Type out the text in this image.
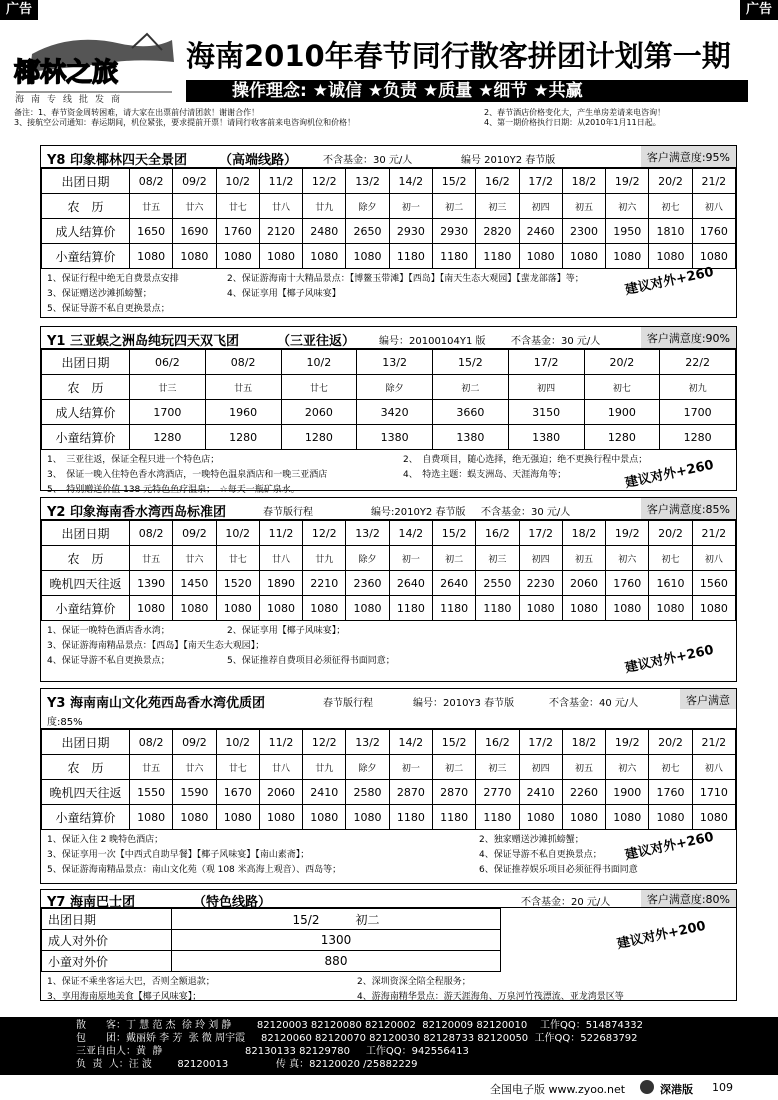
广告	广告
椰林之旅
海南专线批发商
海南2010年春节同行散客拼团计划第一期
操作理念: ★诚信 ★负责 ★质量 ★细节 ★共赢
备注：1、春节资金周转困难，请大家在出票前付清团款！谢谢合作！	2、春节酒店价格变化大，产生单房差请来电咨询！
3、接航空公司通知：春运期间，机位紧张，要求提前开票！请同行收客前来电咨询机位和价格！	4、第一期价格执行日期：从2010年1月11日起。
Y8 印象椰林四天全景团 （高端线路）	不含基金：30 元/人	编号 2010Y2 春节版	客户满意度:95%
出团日期	08/2	09/2	10/2	11/2	12/2	13/2	14/2	15/2	16/2	17/2	18/2	19/2	20/2	21/2
农　历	廿五	廿六	廿七	廿八	廿九	除夕	初一	初二	初三	初四	初五	初六	初七	初八
成人结算价	1650	1690	1760	2120	2480	2650	2930	2930	2820	2460	2300	1950	1810	1760
小童结算价	1080	1080	1080	1080	1080	1080	1180	1180	1180	1080	1080	1080	1080	1080
1、保证行程中绝无自费景点安排	2、保证游海南十大精品景点：【博鳌玉带滩】【西岛】【南天生态大观园】【蜚龙部落】等；
3、保证赠送沙滩抓螃蟹；	4、保证享用【椰子风味宴】
5、保证导游不私自更换景点；
建议对外+260
Y1 三亚蜈之洲岛纯玩四天双飞团	（三亚往返） 编号：20100104Y1 版	不含基金：30 元/人	客户满意度:90%
出团日期	06/2	08/2	10/2	13/2	15/2	17/2	20/2	22/2
农　历	廿三	廿五	廿七	除夕	初二	初四	初七	初九
成人结算价	1700	1960	2060	3420	3660	3150	1900	1700
小童结算价	1280	1280	1280	1380	1380	1380	1280	1280
1、　三亚往返，保证全程只进一个特色店；	2、　自费项目，随心选择，绝无强迫；绝不更换行程中景点；
3、　保证一晚入住特色香水湾酒店，一晚特色温泉酒店和一晚三亚酒店	4、　特选主题：蜈支洲岛、天涯海角等；
5、　特别赠送价值 138 元特色鱼疗温泉；　☆每天一瓶矿泉水。	建议对外+260
Y2 印象海南香水湾西岛标准团	春节版行程	编号:2010Y2 春节版 不含基金：30 元/人	客户满意度:85%
出团日期	08/2	09/2	10/2	11/2	12/2	13/2	14/2	15/2	16/2	17/2	18/2	19/2	20/2	21/2
农　历	廿五	廿六	廿七	廿八	廿九	除夕	初一	初二	初三	初四	初五	初六	初七	初八
晚机四天往返	1390	1450	1520	1890	2210	2360	2640	2640	2550	2230	2060	1760	1610	1560
小童结算价	1080	1080	1080	1080	1080	1080	1180	1180	1180	1080	1080	1080	1080	1080
1、保证一晚特色酒店香水湾；	2、保证享用【椰子风味宴】；
3、保证游海南精品景点：【西岛】【南天生态大观园】；
4、保证导游不私自更换景点；	5、保证推荐自费项目必须征得书面同意；	建议对外+260
Y3 海南南山文化苑西岛香水湾优质团	春节版行程	编号：2010Y3 春节版	不含基金：40 元/人	客户满意
度:85%
出团日期	08/2	09/2	10/2	11/2	12/2	13/2	14/2	15/2	16/2	17/2	18/2	19/2	20/2	21/2
农　历	廿五	廿六	廿七	廿八	廿九	除夕	初一	初二	初三	初四	初五	初六	初七	初八
晚机四天往返	1550	1590	1670	2060	2410	2580	2870	2870	2770	2410	2260	1900	1760	1710
小童结算价	1080	1080	1080	1080	1080	1080	1180	1180	1180	1080	1080	1080	1080	1080
1、保证入住 2 晚特色酒店；	2、独家赠送沙滩抓螃蟹；
3、保证享用一次【中西式自助早餐】【椰子风味宴】【南山素斋】；	4、保证导游不私自更换景点；
5、保证游海南精品景点：南山文化苑（观 108 米高海上观音）、西岛等；	6、保证推荐娱乐项目必须征得书面同意
建议对外+260
Y7 海南巴士团	（特色线路）	不含基金：20 元/人	客户满意度:80%
出团日期	15/2　　　 初二
成人对外价	1300
小童对外价	880
1、保证不乘坐客运大巴，否则全额退款；	2、深圳资深全陪全程服务；
3、享用海南原地美食【椰子风味宴】；	4、游海南精华景点：游天涯海角、万泉河竹筏漂流、亚龙湾景区等
建议对外+200
散　　客：丁 慧 范 杰  徐 玲 刘 静        82120003 82120080 82120002  82120009 82120010    工作QQ：514874332
包　　团：戴丽娇 李 芳  张 微 周宇霞     82120060 82120070 82120030 82128733 82120050  工作QQ：522683792
三亚自由人：黄  静                          82130133 82129780     工作QQ：942556413
负  责  人：汪 波        82120013               传 真：82120020 /25882229
全国电子版 www.zyoo.net	深港版 109
